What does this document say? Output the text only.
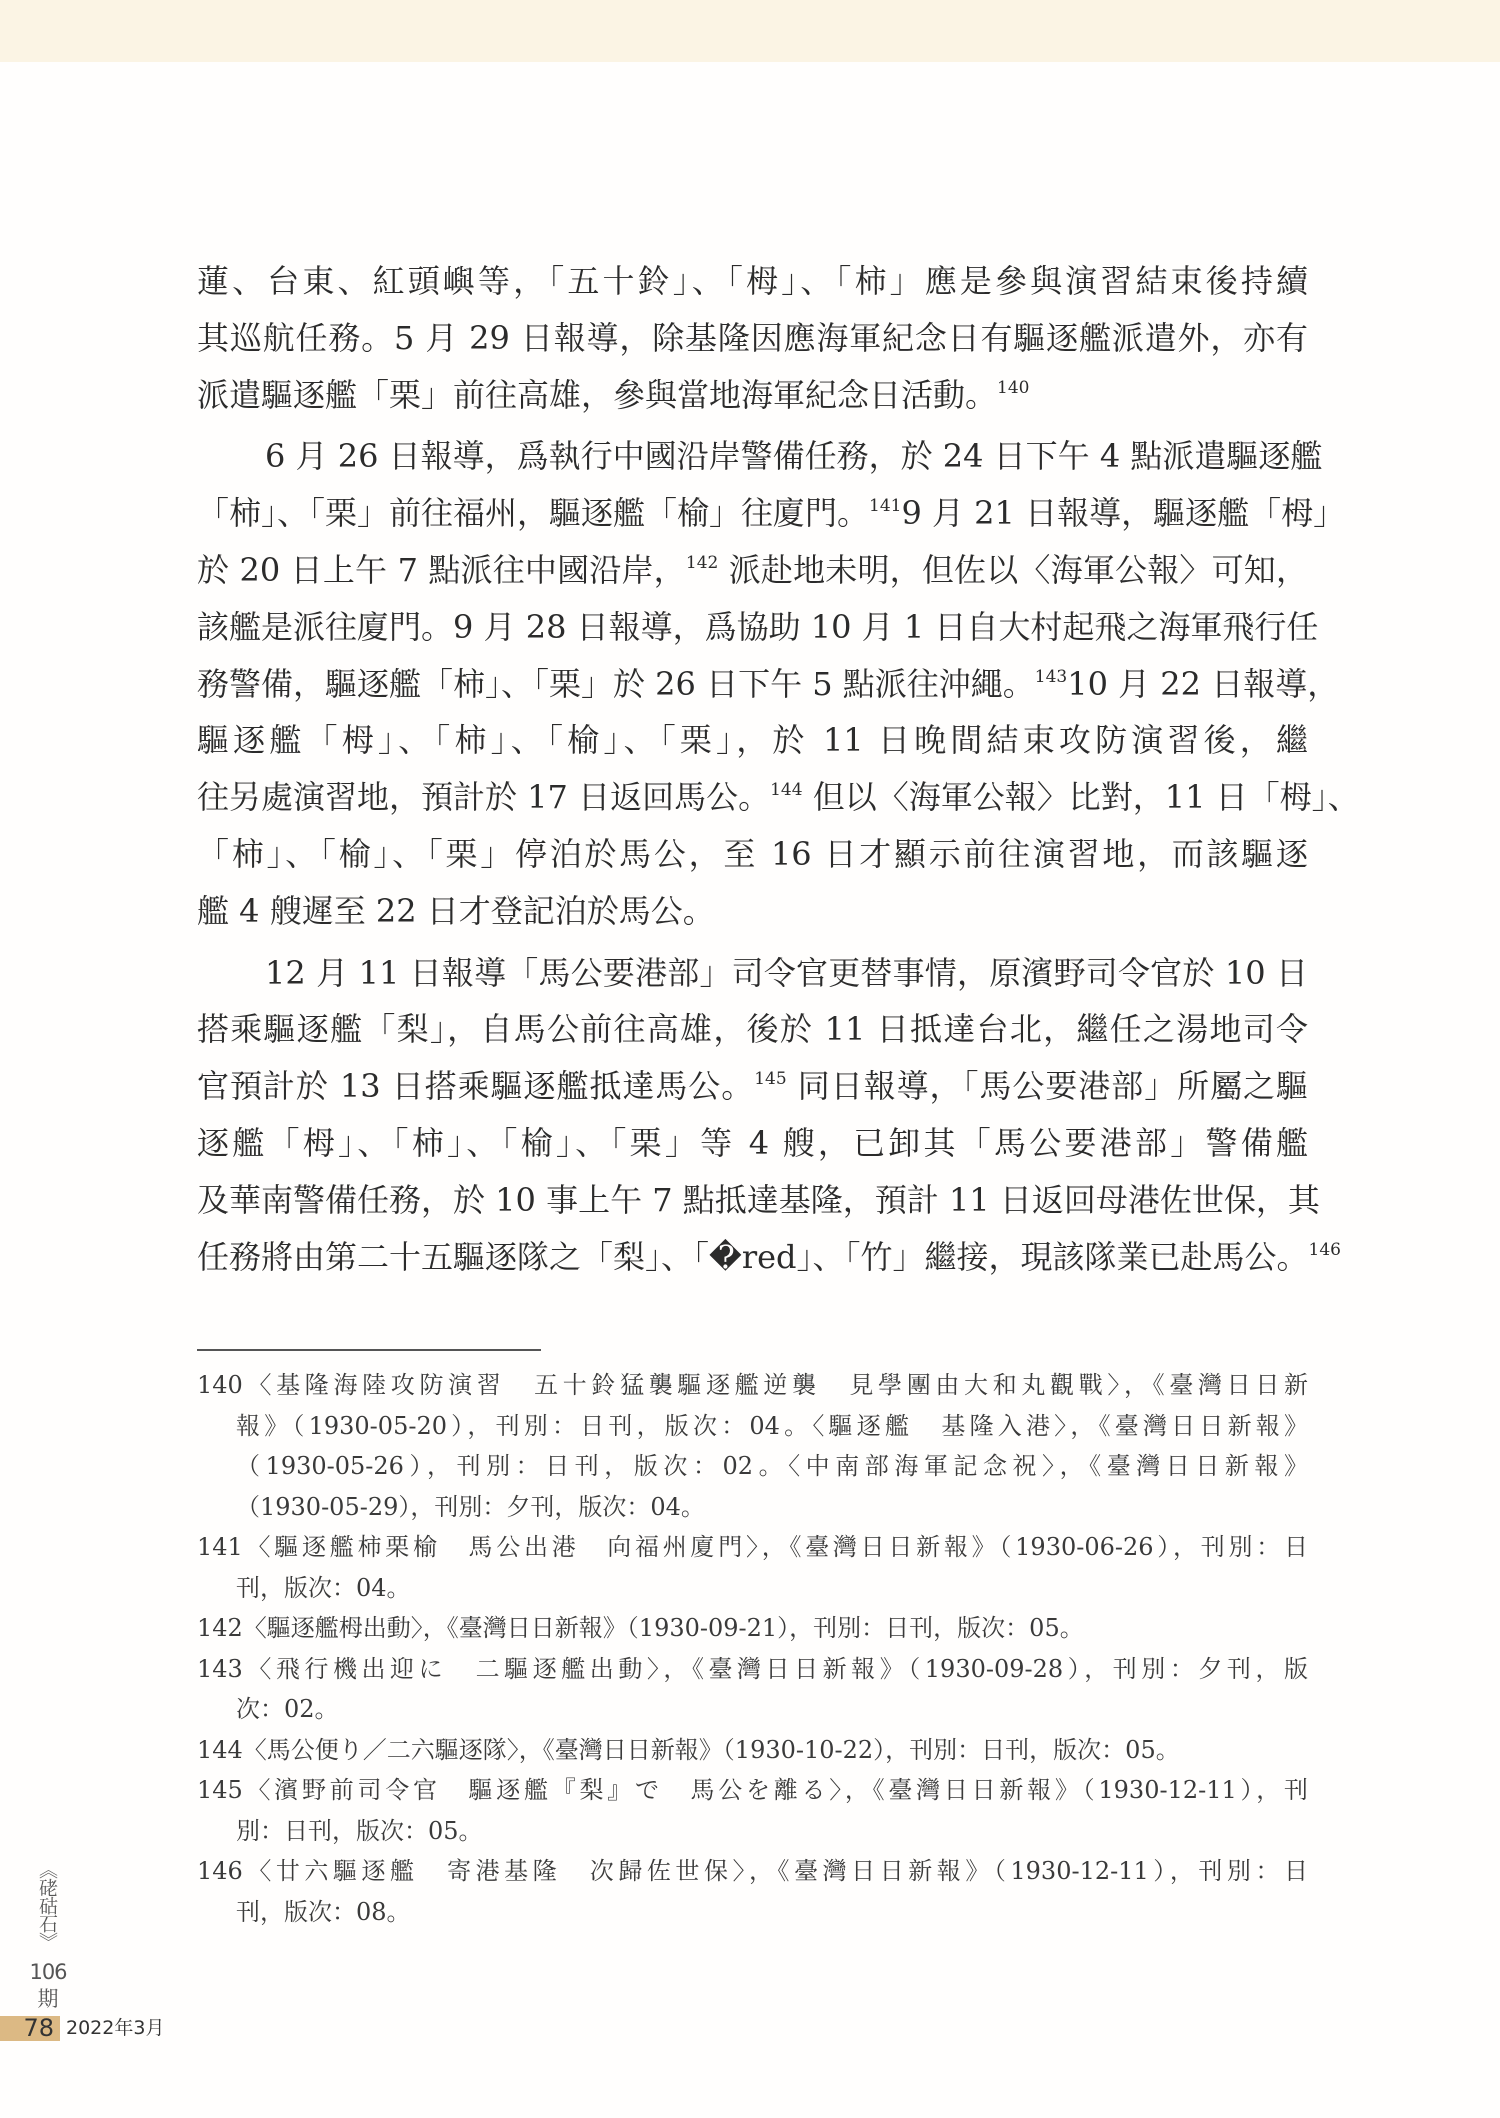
蓮、台東、紅頭嶼等，「五十鈴」、「栂」、「柿」應是參與演習結束後持續
其巡航任務。5 月 29 日報導，除基隆因應海軍紀念日有驅逐艦派遣外，亦有
派遣驅逐艦「栗」前往高雄，參與當地海軍紀念日活動。$^{140}$
6 月 26 日報導，爲執行中國沿岸警備任務，於 24 日下午 4 點派遣驅逐艦
「柿」、「栗」前往福州，驅逐艦「榆」往廈門。$^{141}$9 月 21 日報導，驅逐艦「栂」
於 20 日上午 7 點派往中國沿岸，$^{142}$ 派赴地未明，但佐以〈海軍公報〉可知，
該艦是派往廈門。9 月 28 日報導，爲協助 10 月 1 日自大村起飛之海軍飛行任
務警備，驅逐艦「柿」、「栗」於 26 日下午 5 點派往沖繩。$^{143}$10 月 22 日報導，
驅逐艦「栂」、「柿」、「榆」、「栗」，於 11 日晚間結束攻防演習後，繼
往另處演習地，預計於 17 日返回馬公。$^{144}$ 但以〈海軍公報〉比對，11 日「栂」、
「柿」、「榆」、「栗」停泊於馬公，至 16 日才顯示前往演習地，而該驅逐
艦 4 艘遲至 22 日才登記泊於馬公。
12 月 11 日報導「馬公要港部」司令官更替事情，原濱野司令官於 10 日
搭乘驅逐艦「梨」，自馬公前往高雄，後於 11 日抵達台北，繼任之湯地司令
官預計於 13 日搭乘驅逐艦抵達馬公。$^{145}$ 同日報導，「馬公要港部」所屬之驅
逐艦「栂」、「柿」、「榆」、「栗」等 4 艘，已卸其「馬公要港部」警備艦
及華南警備任務，於 10 事上午 7 點抵達基隆，預計 11 日返回母港佐世保，其
任務將由第二十五驅逐隊之「梨」、「�red」、「竹」繼接，現該隊業已赴馬公。$^{146}$
140〈基隆海陸攻防演習　五十鈴猛襲驅逐艦逆襲　見學團由大和丸觀戰〉，《臺灣日日新
報》（1930-05-20），刊別：日刊，版次：04。〈驅逐艦　基隆入港〉，《臺灣日日新報》
（1930-05-26），刊別：日刊，版次：02。〈中南部海軍記念祝〉，《臺灣日日新報》
（1930-05-29），刊別：夕刊，版次：04。
141〈驅逐艦柿栗榆　馬公出港　向福州廈門〉，《臺灣日日新報》（1930-06-26），刊別：日
刊，版次：04。
142〈驅逐艦栂出動〉，《臺灣日日新報》（1930-09-21），刊別：日刊，版次：05。
143〈飛行機出迎に　二驅逐艦出動〉，《臺灣日日新報》（1930-09-28），刊別：夕刊，版
次：02。
144〈馬公便り／二六驅逐隊〉，《臺灣日日新報》（1930-10-22），刊別：日刊，版次：05。
145〈濱野前司令官　驅逐艦『梨』で　馬公を離る〉，《臺灣日日新報》（1930-12-11），刊
別：日刊，版次：05。
146〈廿六驅逐艦　寄港基隆　次歸佐世保〉，《臺灣日日新報》（1930-12-11），刊別：日
刊，版次：08。
《硓𥑮石》
106
期
78 2022年3月
